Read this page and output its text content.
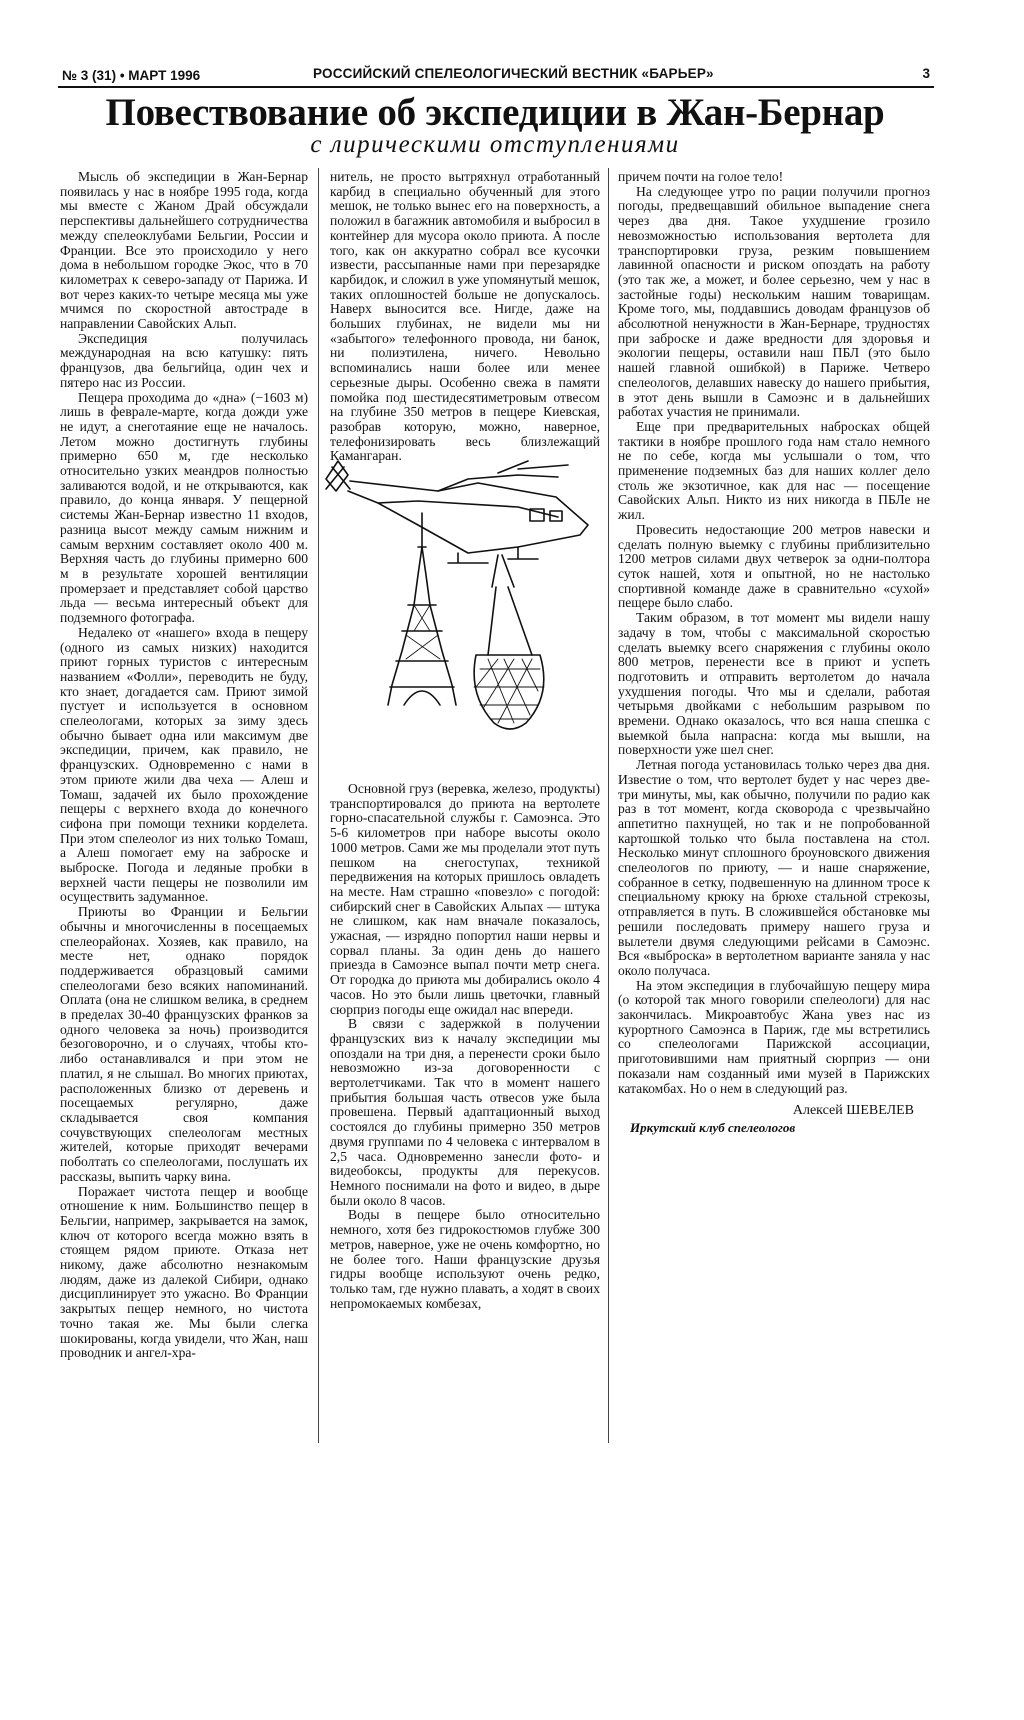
№ 3 (31) • МАРТ 1996	РОССИЙСКИЙ СПЕЛЕОЛОГИЧЕСКИЙ ВЕСТНИК «БАРЬЕР»	3
Повествование об экспедиции в Жан-Бернар
с лирическими отступлениями

Мысль об экспедиции в Жан-Бернар появилась у нас в ноябре 1995 года, когда мы вместе с Жаном Драй обсуждали перспективы дальнейшего сотрудничества между спелеоклубами Бельгии, России и Франции. Все это происходило у него дома в небольшом городке Экос, что в 70 километрах к северо-западу от Парижа. И вот через каких-то четыре месяца мы уже мчимся по скоростной автостраде в направлении Савойских Альп.

Экспедиция получилась международная на всю катушку: пять французов, два бельгийца, один чех и пятеро нас из России.

Пещера проходима до «дна» (−1603 м) лишь в феврале-марте, когда дожди уже не идут, а снеготаяние еще не началось. Летом можно достигнуть глубины примерно 650 м, где несколько относительно узких меандров полностью заливаются водой, и не открываются, как правило, до конца января. У пещерной системы Жан-Бернар известно 11 входов, разница высот между самым нижним и самым верхним составляет около 400 м. Верхняя часть до глубины примерно 600 м в результате хорошей вентиляции промерзает и представляет собой царство льда — весьма интересный объект для подземного фотографа.

Недалеко от «нашего» входа в пещеру (одного из самых низких) находится приют горных туристов с интересным названием «Фолли», переводить не буду, кто знает, догадается сам. Приют зимой пустует и используется в основном спелеологами, которых за зиму здесь обычно бывает одна или максимум две экспедиции, причем, как правило, не французских. Одновременно с нами в этом приюте жили два чеха — Алеш и Томаш, задачей их было прохождение пещеры с верхнего входа до конечного сифона при помощи техники корделета. При этом спелеолог из них только Томаш, а Алеш помогает ему на заброске и выброске. Погода и ледяные пробки в верхней части пещеры не позволили им осуществить задуманное.

Приюты во Франции и Бельгии обычны и многочисленны в посещаемых спелеорайонах. Хозяев, как правило, на месте нет, однако порядок поддерживается образцовый самими спелеологами безо всяких напоминаний. Оплата (она не слишком велика, в среднем в пределах 30-40 французских франков за одного человека за ночь) производится безоговорочно, и о случаях, чтобы кто-либо останавливался и при этом не платил, я не слышал. Во многих приютах, расположенных близко от деревень и посещаемых регулярно, даже складывается своя компания сочувствующих спелеологам местных жителей, которые приходят вечерами поболтать со спелеологами, послушать их рассказы, выпить чарку вина.

Поражает чистота пещер и вообще отношение к ним. Большинство пещер в Бельгии, например, закрывается на замок, ключ от которого всегда можно взять в стоящем рядом приюте. Отказа нет никому, даже абсолютно незнакомым людям, даже из далекой Сибири, однако дисциплинирует это ужасно. Во Франции закрытых пещер немного, но чистота точно такая же. Мы были слегка шокированы, когда увидели, что Жан, наш проводник и ангел-хра-

нитель, не просто вытряхнул отработанный карбид в специально обученный для этого мешок, не только вынес его на поверхность, а положил в багажник автомобиля и выбросил в контейнер для мусора около приюта. А после того, как он аккуратно собрал все кусочки извести, рассыпанные нами при перезарядке карбидок, и сложил в уже упомянутый мешок, таких оплошностей больше не допускалось. Наверх выносится все. Нигде, даже на больших глубинах, не видели мы ни «забытого» телефонного провода, ни банок, ни полиэтилена, ничего. Невольно вспоминались наши более или менее серьезные дыры. Особенно свежа в памяти помойка под шестидесятиметровым отвесом на глубине 350 метров в пещере Киевская, разобрав которую, можно, наверное, телефонизировать весь близлежащий Камангаран.

Основной груз (веревка, железо, продукты) транспортировался до приюта на вертолете горно-спасательной службы г. Самоэнса. Это 5-6 километров при наборе высоты около 1000 метров. Сами же мы проделали этот путь пешком на снегоступах, техникой передвижения на которых пришлось овладеть на месте. Нам страшно «повезло» с погодой: сибирский снег в Савойских Альпах — штука не слишком, как нам вначале показалось, ужасная, — изрядно попортил наши нервы и сорвал планы. За один день до нашего приезда в Самоэнсе выпал почти метр снега. От городка до приюта мы добирались около 4 часов. Но это были лишь цветочки, главный сюрприз погоды еще ожидал нас впереди.

В связи с задержкой в получении французских виз к началу экспедиции мы опоздали на три дня, а перенести сроки было невозможно из-за договоренности с вертолетчиками. Так что в момент нашего прибытия большая часть отвесов уже была провешена. Первый адаптационный выход состоялся до глубины примерно 350 метров двумя группами по 4 человека с интервалом в 2,5 часа. Одновременно занесли фото- и видеобоксы, продукты для перекусов. Немного поснимали на фото и видео, в дыре были около 8 часов.

Воды в пещере было относительно немного, хотя без гидрокостюмов глубже 300 метров, наверное, уже не очень комфортно, но не более того. Наши французские друзья гидры вообще используют очень редко, только там, где нужно плавать, а ходят в своих непромокаемых комбезах,

причем почти на голое тело!

На следующее утро по рации получили прогноз погоды, предвещавший обильное выпадение снега через два дня. Такое ухудшение грозило невозможностью использования вертолета для транспортировки груза, резким повышением лавинной опасности и риском опоздать на работу (это так же, а может, и более серьезно, чем у нас в застойные годы) нескольким нашим товарищам. Кроме того, мы, поддавшись доводам французов об абсолютной ненужности в Жан-Бернаре, трудностях при заброске и даже вредности для здоровья и экологии пещеры, оставили наш ПБЛ (это было нашей главной ошибкой) в Париже. Четверо спелеологов, делавших навеску до нашего прибытия, в этот день вышли в Самоэнс и в дальнейших работах участия не принимали.

Еще при предварительных набросках общей тактики в ноябре прошлого года нам стало немного не по себе, когда мы услышали о том, что применение подземных баз для наших коллег дело столь же экзотичное, как для нас — посещение Савойских Альп. Никто из них никогда в ПБЛе не жил.

Провесить недостающие 200 метров навески и сделать полную выемку с глубины приблизительно 1200 метров силами двух четверок за одни-полтора суток нашей, хотя и опытной, но не настолько спортивной команде даже в сравнительно «сухой» пещере было слабо.

Таким образом, в тот момент мы видели нашу задачу в том, чтобы с максимальной скоростью сделать выемку всего снаряжения с глубины около 800 метров, перенести все в приют и успеть подготовить и отправить вертолетом до начала ухудшения погоды. Что мы и сделали, работая четырьмя двойками с небольшим разрывом по времени. Однако оказалось, что вся наша спешка с выемкой была напрасна: когда мы вышли, на поверхности уже шел снег.

Летная погода установилась только через два дня. Известие о том, что вертолет будет у нас через две-три минуты, мы, как обычно, получили по радио как раз в тот момент, когда сковорода с чрезвычайно аппетитно пахнущей, но так и не попробованной картошкой только что была поставлена на стол. Несколько минут сплошного броуновского движения спелеологов по приюту, — и наше снаряжение, собранное в сетку, подвешенную на длинном тросе к специальному крюку на брюхе стальной стрекозы, отправляется в путь. В сложившейся обстановке мы решили последовать примеру нашего груза и вылетели двумя следующими рейсами в Самоэнс. Вся «выброска» в вертолетном варианте заняла у нас около получаса.

На этом экспедиция в глубочайшую пещеру мира (о которой так много говорили спелеологи) для нас закончилась. Микроавтобус Жана увез нас из курортного Самоэнса в Париж, где мы встретились со спелеологами Парижской ассоциации, приготовившими нам приятный сюрприз — они показали нам созданный ими музей в Парижских катакомбах. Но о нем в следующий раз.

Алексей ШЕВЕЛЕВ
Иркутский клуб спелеологов
